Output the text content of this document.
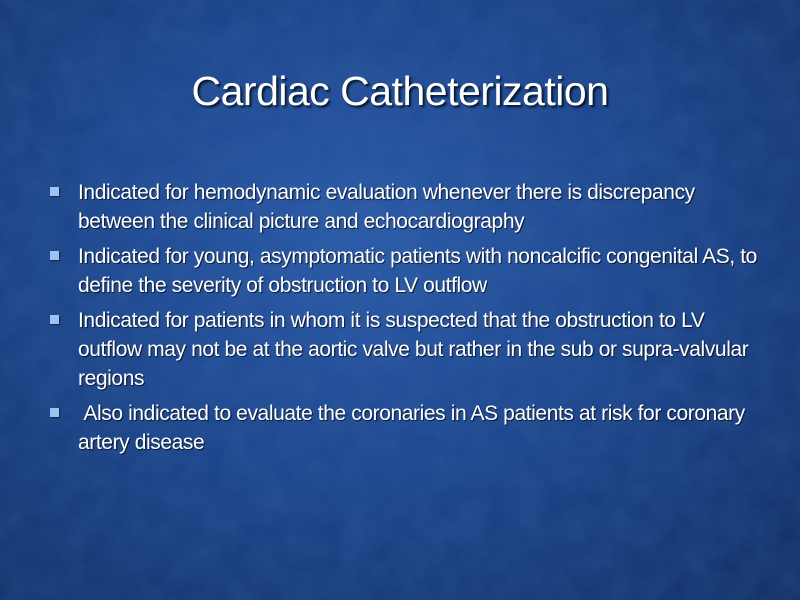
Cardiac Catheterization
Indicated for hemodynamic evaluation whenever there is discrepancy between the clinical picture and echocardiography
Indicated for young, asymptomatic patients with noncalcific congenital AS, to define the severity of obstruction to LV outflow
Indicated for patients in whom it is suspected that the obstruction to LV outflow may not be at the aortic valve but rather in the sub or supra-valvular regions
Also indicated to evaluate the coronaries in AS patients at risk for coronary artery disease
